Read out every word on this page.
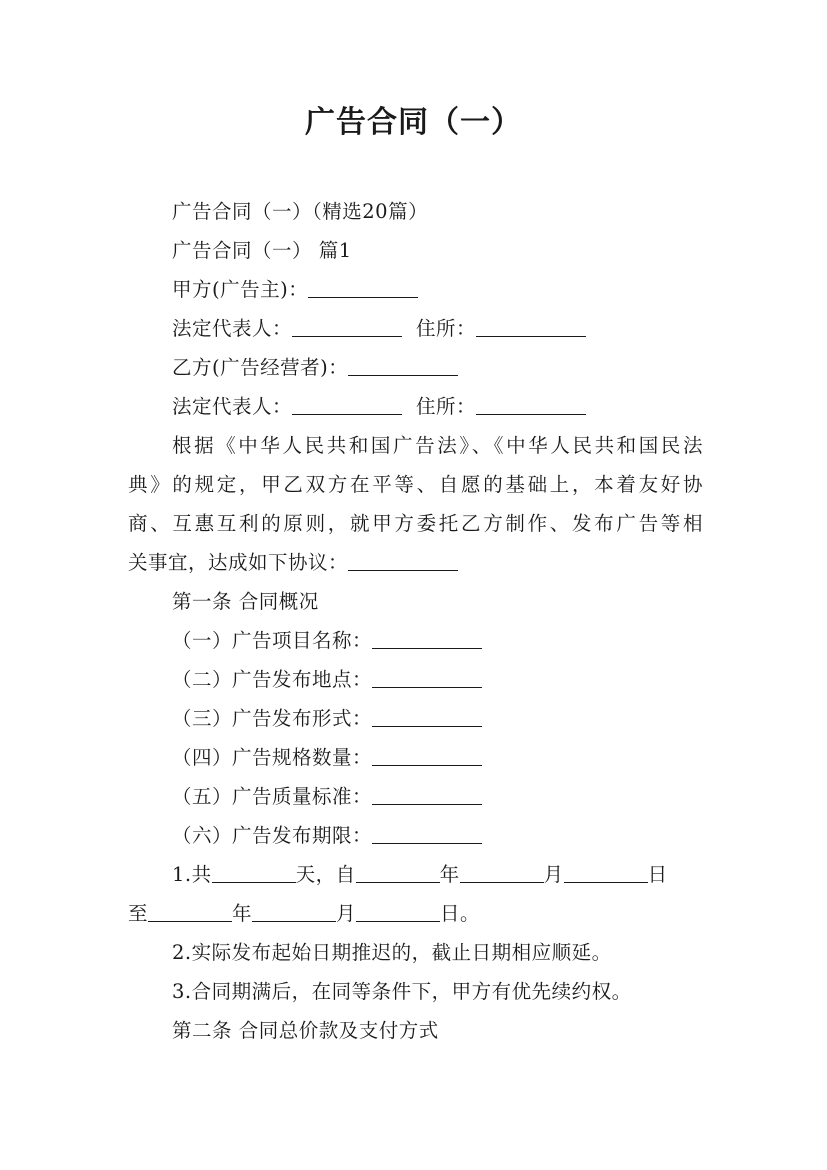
广告合同（一）
广告合同（一）（精选20篇）
广告合同（一） 篇1
甲方(广告主)：
法定代表人：	住所：
乙方(广告经营者)：
法定代表人：	住所：
根据《中华人民共和国广告法》、《中华人民共和国民法
典》的规定，甲乙双方在平等、自愿的基础上，本着友好协
商、互惠互利的原则，就甲方委托乙方制作、发布广告等相
关事宜，达成如下协议：
第一条 合同概况
（一）广告项目名称：
（二）广告发布地点：
（三）广告发布形式：
（四）广告规格数量：
（五）广告质量标准：
（六）广告发布期限：
1.共	天，自	年	月	日
至	年	月	日。
2.实际发布起始日期推迟的，截止日期相应顺延。
3.合同期满后，在同等条件下，甲方有优先续约权。
第二条 合同总价款及支付方式
